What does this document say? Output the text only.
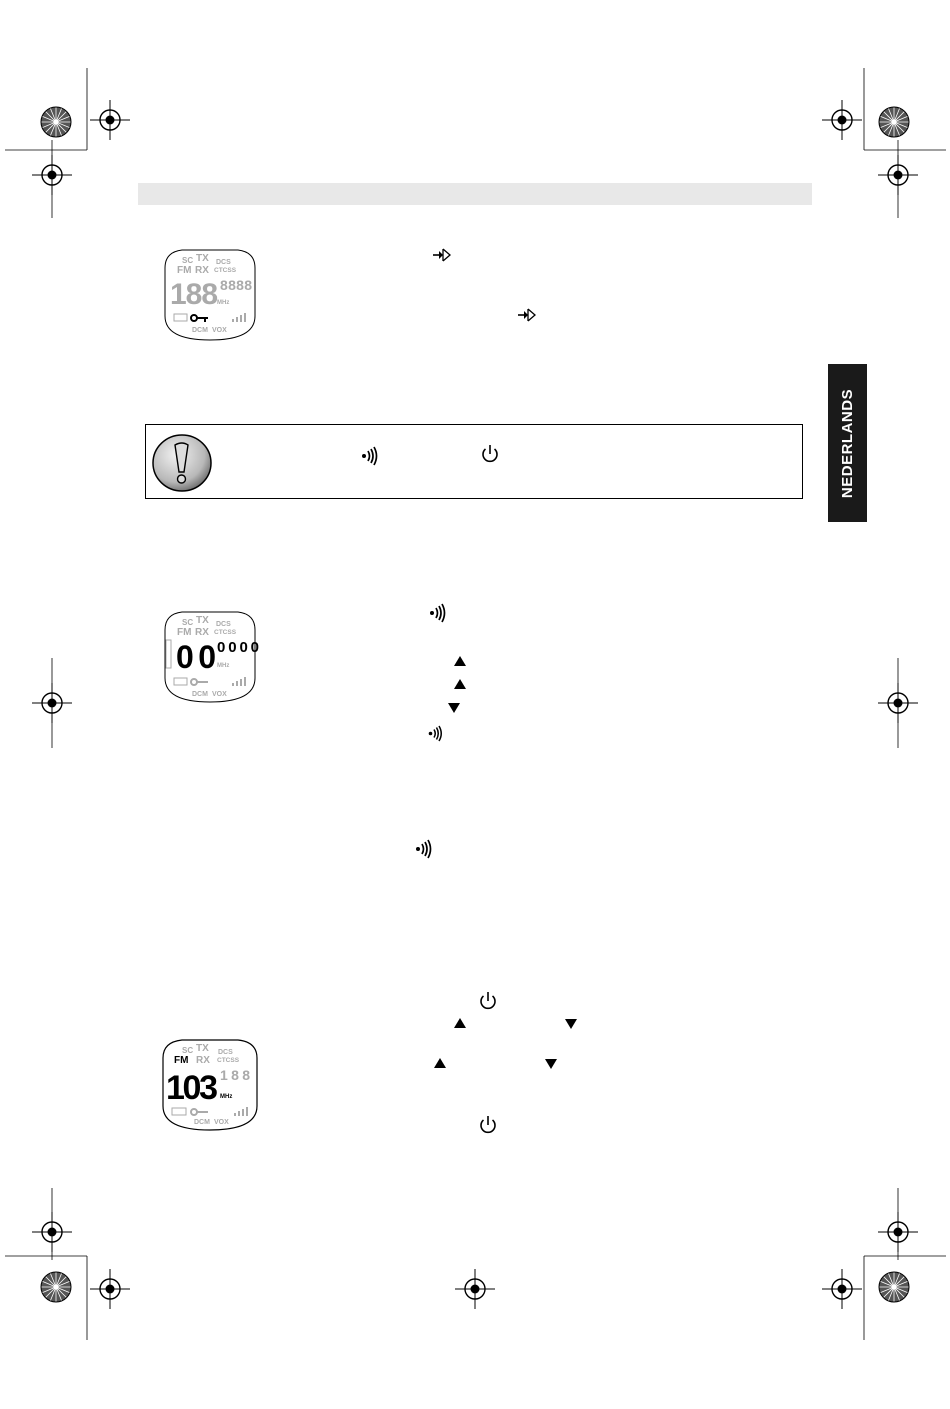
NEDERLANDS
SC TX DCS
FM RX CTCSS
188 8888
MHz
DCM VOX
SC TX DCS
FM RX CTCSS
MHz
DCM VOX
00 0000
SC TX DCS
RX CTCSS
188
DCM VOX
FM
103 MHz
